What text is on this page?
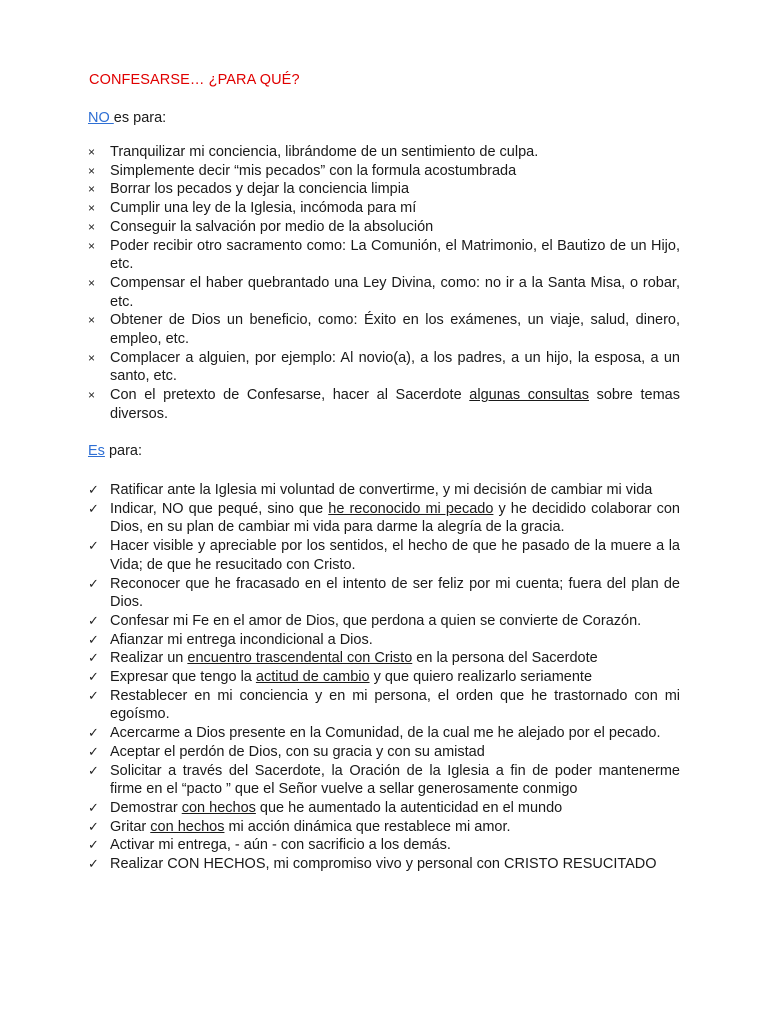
CONFESARSE… ¿PARA QUÉ?
NO es para:
×	Tranquilizar mi conciencia, librándome de un sentimiento de culpa.
×	Simplemente decir “mis pecados” con la formula acostumbrada
×	Borrar los pecados y dejar la conciencia limpia
×	Cumplir una ley de la Iglesia, incómoda para mí
×	Conseguir la salvación por medio de la absolución
×	Poder recibir otro sacramento como: La Comunión, el Matrimonio, el Bautizo de un Hijo, etc.
×	Compensar el haber quebrantado una Ley Divina, como: no ir a la Santa Misa, o robar, etc.
×	Obtener de Dios un beneficio, como: Éxito en los exámenes, un viaje, salud, dinero, empleo, etc.
×	Complacer a alguien, por ejemplo: Al novio(a), a los padres, a un hijo, la esposa, a un santo, etc.
×	Con el pretexto de Confesarse, hacer al Sacerdote algunas consultas sobre temas diversos.
Es para:
✓ Ratificar ante la Iglesia mi voluntad de convertirme, y mi decisión de cambiar mi vida
✓ Indicar, NO que pequé, sino que he reconocido mi pecado y he decidido colaborar con Dios, en su plan de cambiar mi vida para darme la alegría de la gracia.
✓ Hacer visible y apreciable por los sentidos, el hecho de que he pasado de la muere a la Vida; de que he resucitado con Cristo.
✓ Reconocer que he fracasado en el intento de ser feliz por mi cuenta; fuera del plan de Dios.
✓ Confesar mi Fe en el amor de Dios, que perdona a quien se convierte de Corazón.
✓ Afianzar mi entrega incondicional a Dios.
✓ Realizar un encuentro trascendental con Cristo en la persona del Sacerdote
✓ Expresar que tengo la actitud de cambio y que quiero realizarlo seriamente
✓ Restablecer en mi conciencia y en mi persona, el orden que he trastornado con mi egoísmo.
✓ Acercarme a Dios presente en la Comunidad, de la cual me he alejado por el pecado.
✓ Aceptar el perdón de Dios, con su gracia y con su amistad
✓ Solicitar a través del Sacerdote, la Oración de la Iglesia a fin de poder mantenerme firme en el “pacto ” que el Señor vuelve a sellar generosamente conmigo
✓ Demostrar con hechos que he aumentado la autenticidad en el mundo
✓ Gritar con hechos mi acción dinámica que restablece mi amor.
✓ Activar mi entrega, - aún - con sacrificio a los demás.
✓ Realizar CON HECHOS, mi compromiso vivo y personal con CRISTO RESUCITADO
